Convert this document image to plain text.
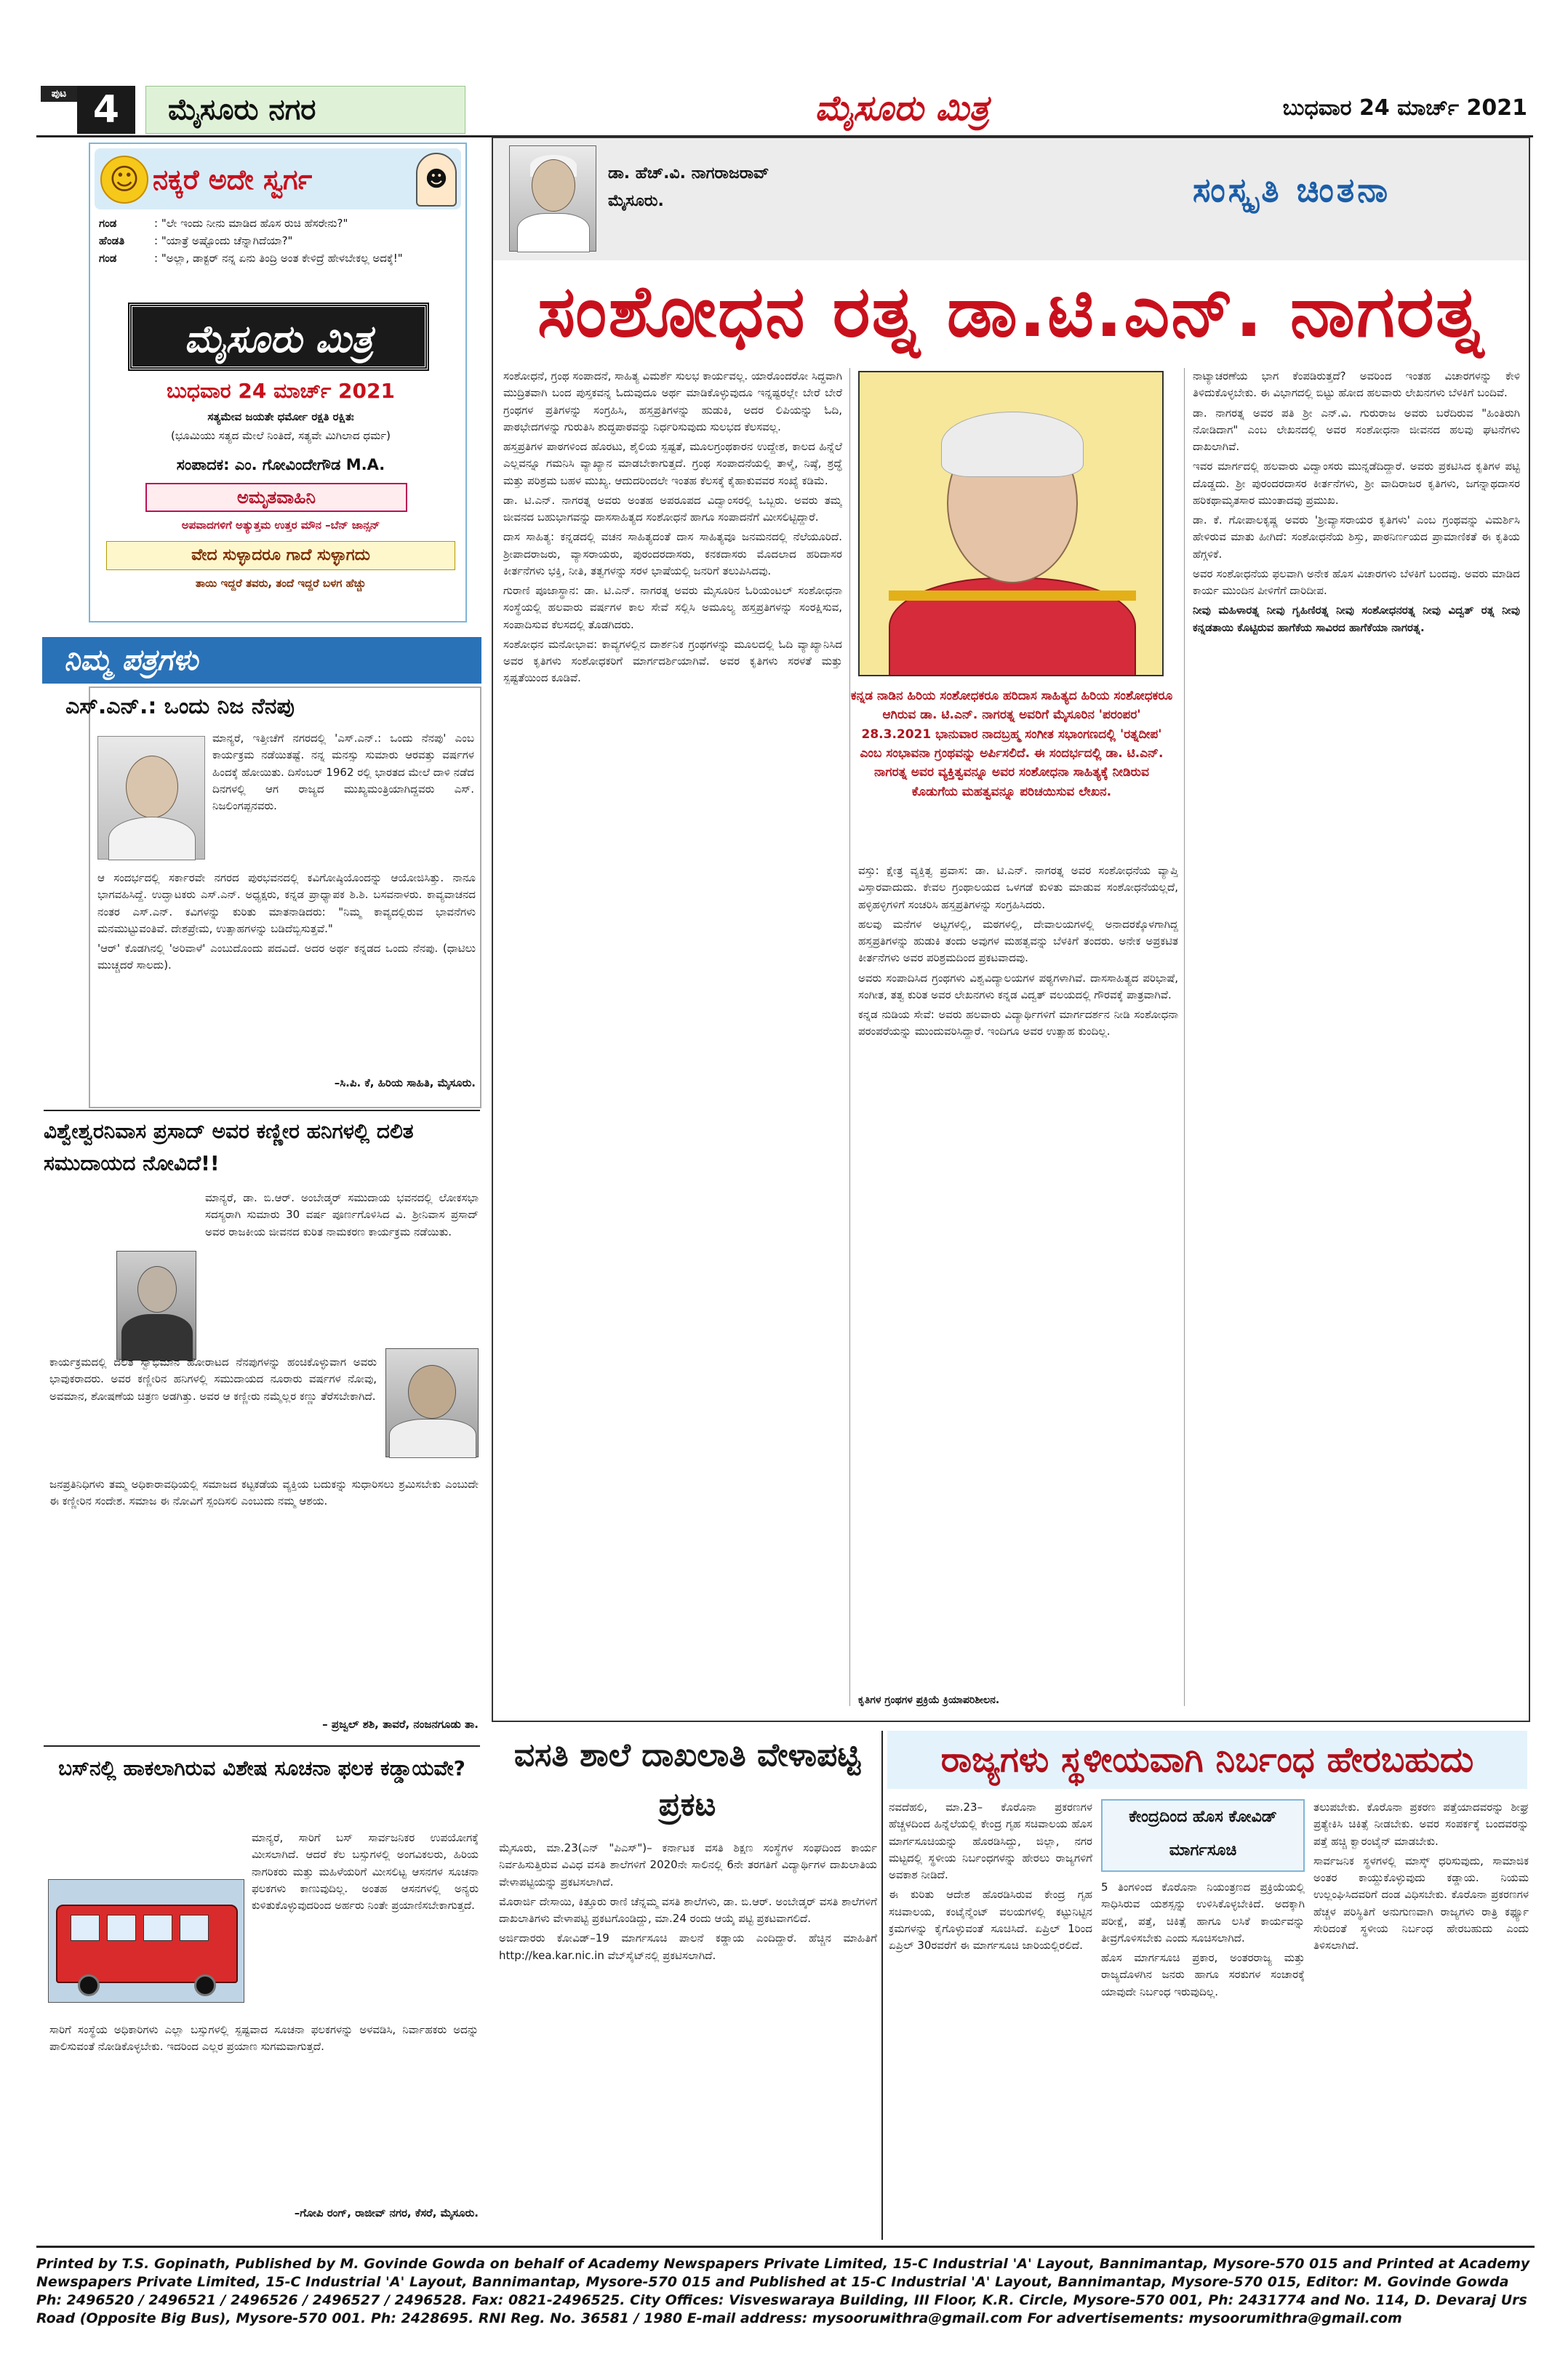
ಪುಟ 4	ಮೈಸೂರು ನಗರ	ಮೈಸೂರು ಮಿತ್ರ	ಬುಧವಾರ 24 ಮಾರ್ಚ್ 2021
☺ ನಕ್ಕರೆ ಅದೇ ಸ್ವರ್ಗ	☻
ಗಂಡ	: "ಲೇ ಇಂದು ನೀನು ಮಾಡಿದ ಹೊಸ ರುಚಿ ಹೆಸರೇನು?"
ಹೆಂಡತಿ	: "ಯಾತ್ರೆ ಅಷ್ಟೊಂದು ಚೆನ್ನಾಗಿದೆಯಾ?"
ಗಂಡ	: "ಅಲ್ಲಾ, ಡಾಕ್ಟರ್ ನನ್ನ ಏನು ತಿಂದ್ರಿ ಅಂತ ಕೇಳಿದ್ರೆ ಹೇಳಬೇಕಲ್ಲ ಅದಕ್ಕೆ!"
ಮೈಸೂರು ಮಿತ್ರ
ಬುಧವಾರ 24 ಮಾರ್ಚ್ 2021
ಸತ್ಯಮೇವ ಜಯತೇ ಧರ್ಮೋ ರಕ್ಷತಿ ರಕ್ಷಿತಃ
(ಭೂಮಿಯು ಸತ್ಯದ ಮೇಲೆ ನಿಂತಿದೆ, ಸತ್ಯವೇ ಮಿಗಿಲಾದ ಧರ್ಮ)
ಸಂಪಾದಕ: ಎಂ. ಗೋವಿಂದೇಗೌಡ M.A.
ಅಮೃತವಾಹಿನಿ
ಅಪವಾದಗಳಿಗೆ ಅತ್ಯುತ್ತಮ ಉತ್ತರ ಮೌನ –ಬೆನ್ ಜಾನ್ಸನ್
ವೇದ ಸುಳ್ಳಾದರೂ ಗಾದೆ ಸುಳ್ಳಾಗದು
ತಾಯಿ ಇದ್ದರೆ ತವರು, ತಂದೆ ಇದ್ದರೆ ಬಳಗ ಹೆಚ್ಚು
ನಿಮ್ಮ ಪತ್ರಗಳು
ಎಸ್.ಎನ್.: ಒಂದು ನಿಜ ನೆನಪು

ಮಾನ್ಯರೆ, ಇತ್ತೀಚೆಗೆ ನಗರದಲ್ಲಿ 'ಎಸ್.ಎನ್.: ಒಂದು ನೆನಪು' ಎಂಬ ಕಾರ್ಯಕ್ರಮ ನಡೆಯಿತಷ್ಟೆ. ನನ್ನ ಮನಸ್ಸು ಸುಮಾರು ಆರವತ್ತು ವರ್ಷಗಳ ಹಿಂದಕ್ಕೆ ಹೋಯಿತು. ದಿಸೆಂಬರ್ 1962 ರಲ್ಲಿ ಭಾರತದ ಮೇಲೆ ದಾಳಿ ನಡೆದ ದಿನಗಳಲ್ಲಿ ಆಗ ರಾಜ್ಯದ ಮುಖ್ಯಮಂತ್ರಿಯಾಗಿದ್ದವರು ಎಸ್. ನಿಜಲಿಂಗಪ್ಪನವರು.

ಆ ಸಂದರ್ಭದಲ್ಲಿ ಸರ್ಕಾರವೇ ನಗರದ ಪುರಭವನದಲ್ಲಿ ಕವಿಗೋಷ್ಠಿಯೊಂದನ್ನು ಆಯೋಜಿಸಿತ್ತು. ನಾನೂ ಭಾಗವಹಿಸಿದ್ದೆ. ಉದ್ಘಾಟಕರು ಎಸ್.ಎನ್. ಅಧ್ಯಕ್ಷರು, ಕನ್ನಡ ಪ್ರಾಧ್ಯಾಪಕ ಶಿ.ಶಿ. ಬಸವನಾಳರು. ಕಾವ್ಯವಾಚನದ ನಂತರ ಎಸ್.ಎನ್. ಕವಿಗಳನ್ನು ಕುರಿತು ಮಾತನಾಡಿದರು: "ನಿಮ್ಮ ಕಾವ್ಯದಲ್ಲಿರುವ ಭಾವನೆಗಳು ಮನಮುಟ್ಟುವಂತಿವೆ. ದೇಶಪ್ರೇಮ, ಉತ್ಸಾಹಗಳನ್ನು ಬಡಿದೆಬ್ಬಿಸುತ್ತವೆ."

'ಆರ್' ಕೊಡಗಿನಲ್ಲಿ 'ಅರಿವಾಳೆ' ಎಂಬುದೊಂದು ಪದವಿದೆ. ಅದರ ಅರ್ಥ ಕನ್ನಡದ ಒಂದು ನೆನಪು. (ಧಾಟಿಲು ಮುಚ್ಚದರೆ ಸಾಲದು).

–ಸಿ.ಪಿ. ಕೆ, ಹಿರಿಯ ಸಾಹಿತಿ, ಮೈಸೂರು.
ವಿಶ್ವೇಶ್ವರನಿವಾಸ ಪ್ರಸಾದ್ ಅವರ ಕಣ್ಣೀರ ಹನಿಗಳಲ್ಲಿ ದಲಿತ ಸಮುದಾಯದ ನೋವಿದೆ!!

ಮಾನ್ಯರೆ, ಡಾ. ಬಿ.ಆರ್. ಅಂಬೇಡ್ಕರ್ ಸಮುದಾಯ ಭವನದಲ್ಲಿ ಲೋಕಸಭಾ ಸದಸ್ಯರಾಗಿ ಸುಮಾರು 30 ವರ್ಷ ಪೂರ್ಣಗೊಳಿಸಿದ ವಿ. ಶ್ರೀನಿವಾಸ ಪ್ರಸಾದ್ ಅವರ ರಾಜಕೀಯ ಜೀವನದ ಕುರಿತ ನಾಮಕರಣ ಕಾರ್ಯಕ್ರಮ ನಡೆಯಿತು.

ಕಾರ್ಯಕ್ರಮದಲ್ಲಿ ದಲಿತ ಸ್ವಾಭಿಮಾನ ಹೋರಾಟದ ನೆನಪುಗಳನ್ನು ಹಂಚಿಕೊಳ್ಳುವಾಗ ಅವರು ಭಾವುಕರಾದರು. ಅವರ ಕಣ್ಣೀರಿನ ಹನಿಗಳಲ್ಲಿ ಸಮುದಾಯದ ನೂರಾರು ವರ್ಷಗಳ ನೋವು, ಅವಮಾನ, ಶೋಷಣೆಯ ಚಿತ್ರಣ ಅಡಗಿತ್ತು. ಅವರ ಆ ಕಣ್ಣೀರು ನಮ್ಮೆಲ್ಲರ ಕಣ್ಣು ತೆರೆಸಬೇಕಾಗಿದೆ.

ಜನಪ್ರತಿನಿಧಿಗಳು ತಮ್ಮ ಅಧಿಕಾರಾವಧಿಯಲ್ಲಿ ಸಮಾಜದ ಕಟ್ಟಕಡೆಯ ವ್ಯಕ್ತಿಯ ಬದುಕನ್ನು ಸುಧಾರಿಸಲು ಶ್ರಮಿಸಬೇಕು ಎಂಬುದೇ ಈ ಕಣ್ಣೀರಿನ ಸಂದೇಶ. ಸಮಾಜ ಈ ನೋವಿಗೆ ಸ್ಪಂದಿಸಲಿ ಎಂಬುದು ನಮ್ಮ ಆಶಯ.

– ಪ್ರಜ್ವಲ್ ಶಶಿ, ತಾವರೆ, ನಂಜನಗೂಡು ತಾ.
ಬಸ್‌ನಲ್ಲಿ ಹಾಕಲಾಗಿರುವ ವಿಶೇಷ ಸೂಚನಾ ಫಲಕ ಕಡ್ಡಾಯವೇ?

ಮಾನ್ಯರೆ, ಸಾರಿಗೆ ಬಸ್ ಸಾರ್ವಜನಿಕರ ಉಪಯೋಗಕ್ಕೆ ಮೀಸಲಾಗಿದೆ. ಆದರೆ ಕೆಲ ಬಸ್ಸುಗಳಲ್ಲಿ ಅಂಗವಿಕಲರು, ಹಿರಿಯ ನಾಗರಿಕರು ಮತ್ತು ಮಹಿಳೆಯರಿಗೆ ಮೀಸಲಿಟ್ಟ ಆಸನಗಳ ಸೂಚನಾ ಫಲಕಗಳು ಕಾಣುವುದಿಲ್ಲ. ಅಂತಹ ಆಸನಗಳಲ್ಲಿ ಅನ್ಯರು ಕುಳಿತುಕೊಳ್ಳುವುದರಿಂದ ಅರ್ಹರು ನಿಂತೇ ಪ್ರಯಾಣಿಸಬೇಕಾಗುತ್ತದೆ.

ಸಾರಿಗೆ ಸಂಸ್ಥೆಯ ಅಧಿಕಾರಿಗಳು ಎಲ್ಲಾ ಬಸ್ಸುಗಳಲ್ಲಿ ಸ್ಪಷ್ಟವಾದ ಸೂಚನಾ ಫಲಕಗಳನ್ನು ಅಳವಡಿಸಿ, ನಿರ್ವಾಹಕರು ಅದನ್ನು ಪಾಲಿಸುವಂತೆ ನೋಡಿಕೊಳ್ಳಬೇಕು. ಇದರಿಂದ ಎಲ್ಲರ ಪ್ರಯಾಣ ಸುಗಮವಾಗುತ್ತದೆ.

–ಗೋಪಿ ರಂಗ್, ರಾಜೀವ್ ನಗರ, ಕೆಸರೆ, ಮೈಸೂರು.
ಡಾ. ಹೆಚ್.ವಿ. ನಾಗರಾಜರಾವ್
ಮೈಸೂರು.	ಸಂಸ್ಕೃತಿ ಚಿಂತನಾ
ಸಂಶೋಧನ ರತ್ನ ಡಾ.ಟಿ.ಎನ್. ನಾಗರತ್ನ
ಕನ್ನಡ ನಾಡಿನ ಹಿರಿಯ ಸಂಶೋಧಕರೂ ಹರಿದಾಸ ಸಾಹಿತ್ಯದ ಹಿರಿಯ ಸಂಶೋಧಕರೂ ಆಗಿರುವ ಡಾ. ಟಿ.ಎನ್. ನಾಗರತ್ನ ಅವರಿಗೆ ಮೈಸೂರಿನ 'ಪರಂಪರ' 28.3.2021 ಭಾನುವಾರ ನಾದಬ್ರಹ್ಮ ಸಂಗೀತ ಸಭಾಂಗಣದಲ್ಲಿ 'ರತ್ನದೀಪ' ಎಂಬ ಸಂಭಾವನಾ ಗ್ರಂಥವನ್ನು ಅರ್ಪಿಸಲಿದೆ. ಈ ಸಂದರ್ಭದಲ್ಲಿ ಡಾ. ಟಿ.ಎನ್. ನಾಗರತ್ನ ಅವರ ವ್ಯಕ್ತಿತ್ವವನ್ನೂ ಅವರ ಸಂಶೋಧನಾ ಸಾಹಿತ್ಯಕ್ಕೆ ನೀಡಿರುವ ಕೊಡುಗೆಯ ಮಹತ್ವವನ್ನೂ ಪರಿಚಯಿಸುವ ಲೇಖನ.

ಸಂಶೋಧನೆ, ಗ್ರಂಥ ಸಂಪಾದನೆ, ಸಾಹಿತ್ಯ ವಿಮರ್ಶೆ ಸುಲಭ ಕಾರ್ಯವಲ್ಲ. ಯಾರೊಂದರೋ ಸಿದ್ಧವಾಗಿ ಮುದ್ರಿತವಾಗಿ ಬಂದ ಪುಸ್ತಕವನ್ನ ಓದುವುದೂ ಅರ್ಥ ಮಾಡಿಕೊಳ್ಳುವುದೂ ಇನ್ನಷ್ಟರಲ್ಲೇ ಬೇರೆ ಬೇರೆ ಗ್ರಂಥಗಳ ಪ್ರತಿಗಳನ್ನು ಸಂಗ್ರಹಿಸಿ, ಹಸ್ತಪ್ರತಿಗಳನ್ನು ಹುಡುಕಿ, ಅದರ ಲಿಪಿಯನ್ನು ಓದಿ, ಪಾಠಭೇದಗಳನ್ನು ಗುರುತಿಸಿ ಶುದ್ಧಪಾಠವನ್ನು ನಿರ್ಧರಿಸುವುದು ಸುಲಭದ ಕೆಲಸವಲ್ಲ.

ಹಸ್ತಪ್ರತಿಗಳ ಪಾಠಗಳಿಂದ ಹೊರಟು, ಶೈಲಿಯ ಸ್ಪಷ್ಟತೆ, ಮೂಲಗ್ರಂಥಕಾರನ ಉದ್ದೇಶ, ಕಾಲದ ಹಿನ್ನೆಲೆ ಎಲ್ಲವನ್ನೂ ಗಮನಿಸಿ ವ್ಯಾಖ್ಯಾನ ಮಾಡಬೇಕಾಗುತ್ತದೆ. ಗ್ರಂಥ ಸಂಪಾದನೆಯಲ್ಲಿ ತಾಳ್ಮೆ, ನಿಷ್ಠೆ, ಶ್ರದ್ಧೆ ಮತ್ತು ಪರಿಶ್ರಮ ಬಹಳ ಮುಖ್ಯ. ಆದುದರಿಂದಲೇ ಇಂತಹ ಕೆಲಸಕ್ಕೆ ಕೈಹಾಕುವವರ ಸಂಖ್ಯೆ ಕಡಿಮೆ.

ಡಾ. ಟಿ.ಎನ್. ನಾಗರತ್ನ ಅವರು ಅಂತಹ ಅಪರೂಪದ ವಿದ್ವಾಂಸರಲ್ಲಿ ಒಬ್ಬರು. ಅವರು ತಮ್ಮ ಜೀವನದ ಬಹುಭಾಗವನ್ನು ದಾಸಸಾಹಿತ್ಯದ ಸಂಶೋಧನೆ ಹಾಗೂ ಸಂಪಾದನೆಗೆ ಮೀಸಲಿಟ್ಟಿದ್ದಾರೆ.

ದಾಸ ಸಾಹಿತ್ಯ: ಕನ್ನಡದಲ್ಲಿ ವಚನ ಸಾಹಿತ್ಯದಂತೆ ದಾಸ ಸಾಹಿತ್ಯವೂ ಜನಮನದಲ್ಲಿ ನೆಲೆಯೂರಿದೆ. ಶ್ರೀಪಾದರಾಜರು, ವ್ಯಾಸರಾಯರು, ಪುರಂದರದಾಸರು, ಕನಕದಾಸರು ಮೊದಲಾದ ಹರಿದಾಸರ ಕೀರ್ತನೆಗಳು ಭಕ್ತಿ, ನೀತಿ, ತತ್ವಗಳನ್ನು ಸರಳ ಭಾಷೆಯಲ್ಲಿ ಜನರಿಗೆ ತಲುಪಿಸಿದವು.

ಗುರಾಣಿ ಪೂಜಾಸ್ಥಾನ: ಡಾ. ಟಿ.ಎನ್. ನಾಗರತ್ನ ಅವರು ಮೈಸೂರಿನ ಓರಿಯಂಟಲ್ ಸಂಶೋಧನಾ ಸಂಸ್ಥೆಯಲ್ಲಿ ಹಲವಾರು ವರ್ಷಗಳ ಕಾಲ ಸೇವೆ ಸಲ್ಲಿಸಿ ಅಮೂಲ್ಯ ಹಸ್ತಪ್ರತಿಗಳನ್ನು ಸಂರಕ್ಷಿಸುವ, ಸಂಪಾದಿಸುವ ಕೆಲಸದಲ್ಲಿ ತೊಡಗಿದರು.

ಸಂಶೋಧನ ಮನೋಭಾವ: ಕಾವ್ಯಗಳಲ್ಲಿನ ದಾರ್ಶನಿಕ ಗ್ರಂಥಗಳನ್ನು ಮೂಲದಲ್ಲಿ ಓದಿ ವ್ಯಾಖ್ಯಾನಿಸಿದ ಅವರ ಕೃತಿಗಳು ಸಂಶೋಧಕರಿಗೆ ಮಾರ್ಗದರ್ಶಿಯಾಗಿವೆ. ಅವರ ಕೃತಿಗಳು ಸರಳತೆ ಮತ್ತು ಸ್ಪಷ್ಟತೆಯಿಂದ ಕೂಡಿವೆ.

ವಸ್ತು: ಕ್ಷೇತ್ರ ವ್ಯಕ್ತಿತ್ವ ಪ್ರವಾಸ: ಡಾ. ಟಿ.ಎನ್. ನಾಗರತ್ನ ಅವರ ಸಂಶೋಧನೆಯ ವ್ಯಾಪ್ತಿ ವಿಸ್ತಾರವಾದುದು. ಕೇವಲ ಗ್ರಂಥಾಲಯದ ಒಳಗಡೆ ಕುಳಿತು ಮಾಡುವ ಸಂಶೋಧನೆಯಲ್ಲದೆ, ಹಳ್ಳಿಹಳ್ಳಿಗಳಿಗೆ ಸಂಚರಿಸಿ ಹಸ್ತಪ್ರತಿಗಳನ್ನು ಸಂಗ್ರಹಿಸಿದರು.

ಹಲವು ಮನೆಗಳ ಅಟ್ಟಗಳಲ್ಲಿ, ಮಠಗಳಲ್ಲಿ, ದೇವಾಲಯಗಳಲ್ಲಿ ಅನಾದರಕ್ಕೊಳಗಾಗಿದ್ದ ಹಸ್ತಪ್ರತಿಗಳನ್ನು ಹುಡುಕಿ ತಂದು ಅವುಗಳ ಮಹತ್ವವನ್ನು ಬೆಳಕಿಗೆ ತಂದರು. ಅನೇಕ ಅಪ್ರಕಟಿತ ಕೀರ್ತನೆಗಳು ಅವರ ಪರಿಶ್ರಮದಿಂದ ಪ್ರಕಟವಾದವು.

ಅವರು ಸಂಪಾದಿಸಿದ ಗ್ರಂಥಗಳು ವಿಶ್ವವಿದ್ಯಾಲಯಗಳ ಪಠ್ಯಗಳಾಗಿವೆ. ದಾಸಸಾಹಿತ್ಯದ ಪರಿಭಾಷೆ, ಸಂಗೀತ, ತತ್ವ ಕುರಿತ ಅವರ ಲೇಖನಗಳು ಕನ್ನಡ ವಿದ್ವತ್ ವಲಯದಲ್ಲಿ ಗೌರವಕ್ಕೆ ಪಾತ್ರವಾಗಿವೆ.

ಕನ್ನಡ ನುಡಿಯ ಸೇವೆ: ಅವರು ಹಲವಾರು ವಿದ್ಯಾರ್ಥಿಗಳಿಗೆ ಮಾರ್ಗದರ್ಶನ ನೀಡಿ ಸಂಶೋಧನಾ ಪರಂಪರೆಯನ್ನು ಮುಂದುವರಿಸಿದ್ದಾರೆ. ಇಂದಿಗೂ ಅವರ ಉತ್ಸಾಹ ಕುಂದಿಲ್ಲ.

ಕೃತಿಗಳ ಗ್ರಂಥಗಳ ಪ್ರಕ್ರಿಯೆ ಕ್ರಿಯಾಪರಿಶೀಲನ.

ನಾಟ್ಯಾಚರಣೆಯ ಭಾಗ ಕೆಂಪಡಿರುತ್ತದೆ? ಅವರಿಂದ ಇಂತಹ ವಿಚಾರಗಳನ್ನು ಕೇಳಿ ತಿಳಿದುಕೊಳ್ಳಬೇಕು. ಈ ವಿಭಾಗದಲ್ಲಿ ಬಿಟ್ಟು ಹೋದ ಹಲವಾರು ಲೇಖನಗಳು ಬೆಳಕಿಗೆ ಬಂದಿವೆ.

ಡಾ. ನಾಗರತ್ನ ಅವರ ಪತಿ ಶ್ರೀ ಎನ್.ವಿ. ಗುರುರಾಜ ಅವರು ಬರೆದಿರುವ "ಹಿಂತಿರುಗಿ ನೋಡಿದಾಗ" ಎಂಬ ಲೇಖನದಲ್ಲಿ ಅವರ ಸಂಶೋಧನಾ ಜೀವನದ ಹಲವು ಘಟನೆಗಳು ದಾಖಲಾಗಿವೆ.

ಇವರ ಮಾರ್ಗದಲ್ಲಿ ಹಲವಾರು ವಿದ್ವಾಂಸರು ಮುನ್ನಡೆದಿದ್ದಾರೆ. ಅವರು ಪ್ರಕಟಿಸಿದ ಕೃತಿಗಳ ಪಟ್ಟಿ ದೊಡ್ಡದು. ಶ್ರೀ ಪುರಂದರದಾಸರ ಕೀರ್ತನೆಗಳು, ಶ್ರೀ ವಾದಿರಾಜರ ಕೃತಿಗಳು, ಜಗನ್ನಾಥದಾಸರ ಹರಿಕಥಾಮೃತಸಾರ ಮುಂತಾದವು ಪ್ರಮುಖ.

ಡಾ. ಕೆ. ಗೋಪಾಲಕೃಷ್ಣ ಅವರು 'ಶ್ರೀವ್ಯಾಸರಾಯರ ಕೃತಿಗಳು' ಎಂಬ ಗ್ರಂಥವನ್ನು ವಿಮರ್ಶಿಸಿ ಹೇಳಿರುವ ಮಾತು ಹೀಗಿದೆ: ಸಂಶೋಧನೆಯ ಶಿಸ್ತು, ಪಾಠನಿರ್ಣಯದ ಪ್ರಾಮಾಣಿಕತೆ ಈ ಕೃತಿಯ ಹೆಗ್ಗಳಿಕೆ.

ಅವರ ಸಂಶೋಧನೆಯ ಫಲವಾಗಿ ಅನೇಕ ಹೊಸ ವಿಚಾರಗಳು ಬೆಳಕಿಗೆ ಬಂದವು. ಅವರು ಮಾಡಿದ ಕಾರ್ಯ ಮುಂದಿನ ಪೀಳಿಗೆಗೆ ದಾರಿದೀಪ.

ನೀವು ಮಹಿಳಾರತ್ನ ನೀವು ಗೃಹಿಣಿರತ್ನ ನೀವು ಸಂಶೋಧನರತ್ನ ನೀವು ವಿದ್ವತ್ ರತ್ನ ನೀವು ಕನ್ನಡತಾಯಿ ಕೊಟ್ಟಿರುವ ಹಾಗೆಕೆಯ ಸಾವಿರದ ಹಾಗೆಕೆಯಾ ನಾಗರತ್ನ.

ವಸತಿ ಶಾಲೆ ದಾಖಲಾತಿ ವೇಳಾಪಟ್ಟಿ ಪ್ರಕಟ

ಮೈಸೂರು, ಮಾ.23(ಎನ್ "ಪಿಎಸ್")– ಕರ್ನಾಟಕ ವಸತಿ ಶಿಕ್ಷಣ ಸಂಸ್ಥೆಗಳ ಸಂಘದಿಂದ ಕಾರ್ಯ ನಿರ್ವಹಿಸುತ್ತಿರುವ ವಿವಿಧ ವಸತಿ ಶಾಲೆಗಳಿಗೆ 2020ನೇ ಸಾಲಿನಲ್ಲಿ 6ನೇ ತರಗತಿಗೆ ವಿದ್ಯಾರ್ಥಿಗಳ ದಾಖಲಾತಿಯ ವೇಳಾಪಟ್ಟಿಯನ್ನು ಪ್ರಕಟಿಸಲಾಗಿದೆ.

ಮೊರಾರ್ಜಿ ದೇಸಾಯಿ, ಕಿತ್ತೂರು ರಾಣಿ ಚೆನ್ನಮ್ಮ ವಸತಿ ಶಾಲೆಗಳು, ಡಾ. ಬಿ.ಆರ್. ಅಂಬೇಡ್ಕರ್ ವಸತಿ ಶಾಲೆಗಳಿಗೆ ದಾಖಲಾತಿಗಳು ವೇಳಾಪಟ್ಟಿ ಪ್ರಕಟಗೊಂಡಿದ್ದು, ಮಾ.24 ರಂದು ಆಯ್ಕೆ ಪಟ್ಟಿ ಪ್ರಕಟವಾಗಲಿದೆ.

ಅರ್ಜಿದಾರರು ಕೋವಿಡ್–19 ಮಾರ್ಗಸೂಚಿ ಪಾಲನೆ ಕಡ್ಡಾಯ ಎಂದಿದ್ದಾರೆ. ಹೆಚ್ಚಿನ ಮಾಹಿತಿಗೆ http://kea.kar.nic.in ವೆಬ್‌ಸೈಟ್‌ನಲ್ಲಿ ಪ್ರಕಟಿಸಲಾಗಿದೆ.

ರಾಜ್ಯಗಳು ಸ್ಥಳೀಯವಾಗಿ ನಿರ್ಬಂಧ ಹೇರಬಹುದು

ನವದೆಹಲಿ, ಮಾ.23– ಕೊರೊನಾ ಪ್ರಕರಣಗಳ ಹೆಚ್ಚಳದಿಂದ ಹಿನ್ನೆಲೆಯಲ್ಲಿ ಕೇಂದ್ರ ಗೃಹ ಸಚಿವಾಲಯ ಹೊಸ ಮಾರ್ಗಸೂಚಿಯನ್ನು ಹೊರಡಿಸಿದ್ದು, ಜಿಲ್ಲಾ, ನಗರ ಮಟ್ಟದಲ್ಲಿ ಸ್ಥಳೀಯ ನಿರ್ಬಂಧಗಳನ್ನು ಹೇರಲು ರಾಜ್ಯಗಳಿಗೆ ಅವಕಾಶ ನೀಡಿದೆ.

ಈ ಕುರಿತು ಆದೇಶ ಹೊರಡಿಸಿರುವ ಕೇಂದ್ರ ಗೃಹ ಸಚಿವಾಲಯ, ಕಂಟೈನ್ಮೆಂಟ್ ವಲಯಗಳಲ್ಲಿ ಕಟ್ಟುನಿಟ್ಟಿನ ಕ್ರಮಗಳನ್ನು ಕೈಗೊಳ್ಳುವಂತೆ ಸೂಚಿಸಿದೆ. ಏಪ್ರಿಲ್ 1ರಿಂದ ಏಪ್ರಿಲ್ 30ರವರೆಗೆ ಈ ಮಾರ್ಗಸೂಚಿ ಜಾರಿಯಲ್ಲಿರಲಿದೆ.

ಕೇಂದ್ರದಿಂದ ಹೊಸ ಕೋವಿಡ್ ಮಾರ್ಗಸೂಚಿ

5 ತಿಂಗಳಿಂದ ಕೊರೊನಾ ನಿಯಂತ್ರಣದ ಪ್ರಕ್ರಿಯೆಯಲ್ಲಿ ಸಾಧಿಸಿರುವ ಯಶಸ್ಸನ್ನು ಉಳಿಸಿಕೊಳ್ಳಬೇಕಿದೆ. ಅದಕ್ಕಾಗಿ ಪರೀಕ್ಷೆ, ಪತ್ತೆ, ಚಿಕಿತ್ಸೆ ಹಾಗೂ ಲಸಿಕೆ ಕಾರ್ಯವನ್ನು ತೀವ್ರಗೊಳಿಸಬೇಕು ಎಂದು ಸೂಚಿಸಲಾಗಿದೆ.

ಹೊಸ ಮಾರ್ಗಸೂಚಿ ಪ್ರಕಾರ, ಅಂತರರಾಜ್ಯ ಮತ್ತು ರಾಜ್ಯದೊಳಗಿನ ಜನರು ಹಾಗೂ ಸರಕುಗಳ ಸಂಚಾರಕ್ಕೆ ಯಾವುದೇ ನಿರ್ಬಂಧ ಇರುವುದಿಲ್ಲ.

ತಲುಪಬೇಕು. ಕೊರೊನಾ ಪ್ರಕರಣ ಪತ್ತೆಯಾದವರನ್ನು ಶೀಘ್ರ ಪ್ರತ್ಯೇಕಿಸಿ ಚಿಕಿತ್ಸೆ ನೀಡಬೇಕು. ಅವರ ಸಂಪರ್ಕಕ್ಕೆ ಬಂದವರನ್ನು ಪತ್ತೆ ಹಚ್ಚಿ ಕ್ವಾರಂಟೈನ್ ಮಾಡಬೇಕು.

ಸಾರ್ವಜನಿಕ ಸ್ಥಳಗಳಲ್ಲಿ ಮಾಸ್ಕ್ ಧರಿಸುವುದು, ಸಾಮಾಜಿಕ ಅಂತರ ಕಾಯ್ದುಕೊಳ್ಳುವುದು ಕಡ್ಡಾಯ. ನಿಯಮ ಉಲ್ಲಂಘಿಸಿದವರಿಗೆ ದಂಡ ವಿಧಿಸಬೇಕು. ಕೊರೊನಾ ಪ್ರಕರಣಗಳ ಹೆಚ್ಚಳ ಪರಿಸ್ಥಿತಿಗೆ ಅನುಗುಣವಾಗಿ ರಾಜ್ಯಗಳು ರಾತ್ರಿ ಕರ್ಫ್ಯೂ ಸೇರಿದಂತೆ ಸ್ಥಳೀಯ ನಿರ್ಬಂಧ ಹೇರಬಹುದು ಎಂದು ತಿಳಿಸಲಾಗಿದೆ.

Printed by T.S. Gopinath, Published by M. Govinde Gowda on behalf of Academy Newspapers Private Limited, 15-C Industrial 'A' Layout, Bannimantap, Mysore-570 015 and Printed at Academy Newspapers Private Limited, 15-C Industrial 'A' Layout, Bannimantap, Mysore-570 015 and Published at 15-C Industrial 'A' Layout, Bannimantap, Mysore-570 015, Editor: M. Govinde Gowda Ph: 2496520 / 2496521 / 2496526 / 2496527 / 2496528. Fax: 0821-2496525. City Offices: Visveswaraya Building, III Floor, K.R. Circle, Mysore-570 001, Ph: 2431774 and No. 114, D. Devaraj Urs Road (Opposite Big Bus), Mysore-570 001. Ph: 2428695. RNI Reg. No. 36581 / 1980 E-mail address: mysooruмithra@gmail.com For advertisements: mysoorumithra@gmail.com
